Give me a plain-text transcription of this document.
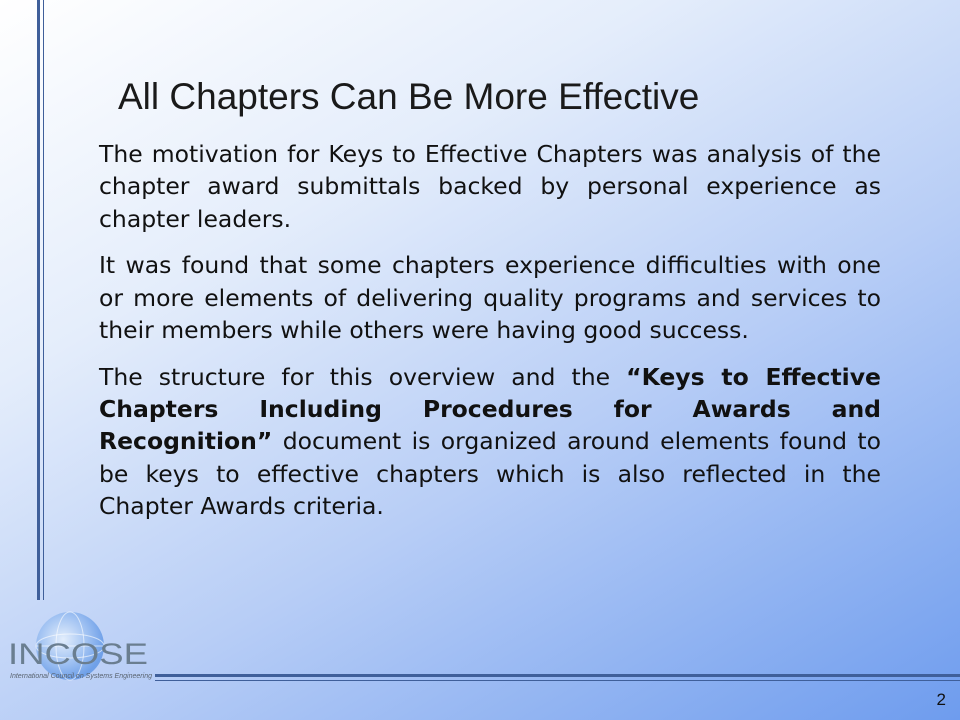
All Chapters Can Be More Effective

The motivation for Keys to Effective Chapters was analysis of the chapter award submittals backed by personal experience as chapter leaders.

It was found that some chapters experience difficulties with one or more elements of delivering quality programs and services to their members while others were having good success.

The structure for this overview and the “Keys to Effective Chapters Including Procedures for Awards and Recognition” document is organized around elements found to be keys to effective chapters which is also reflected in the Chapter Awards criteria.

INCOSE
International Council on Systems Engineering
2
